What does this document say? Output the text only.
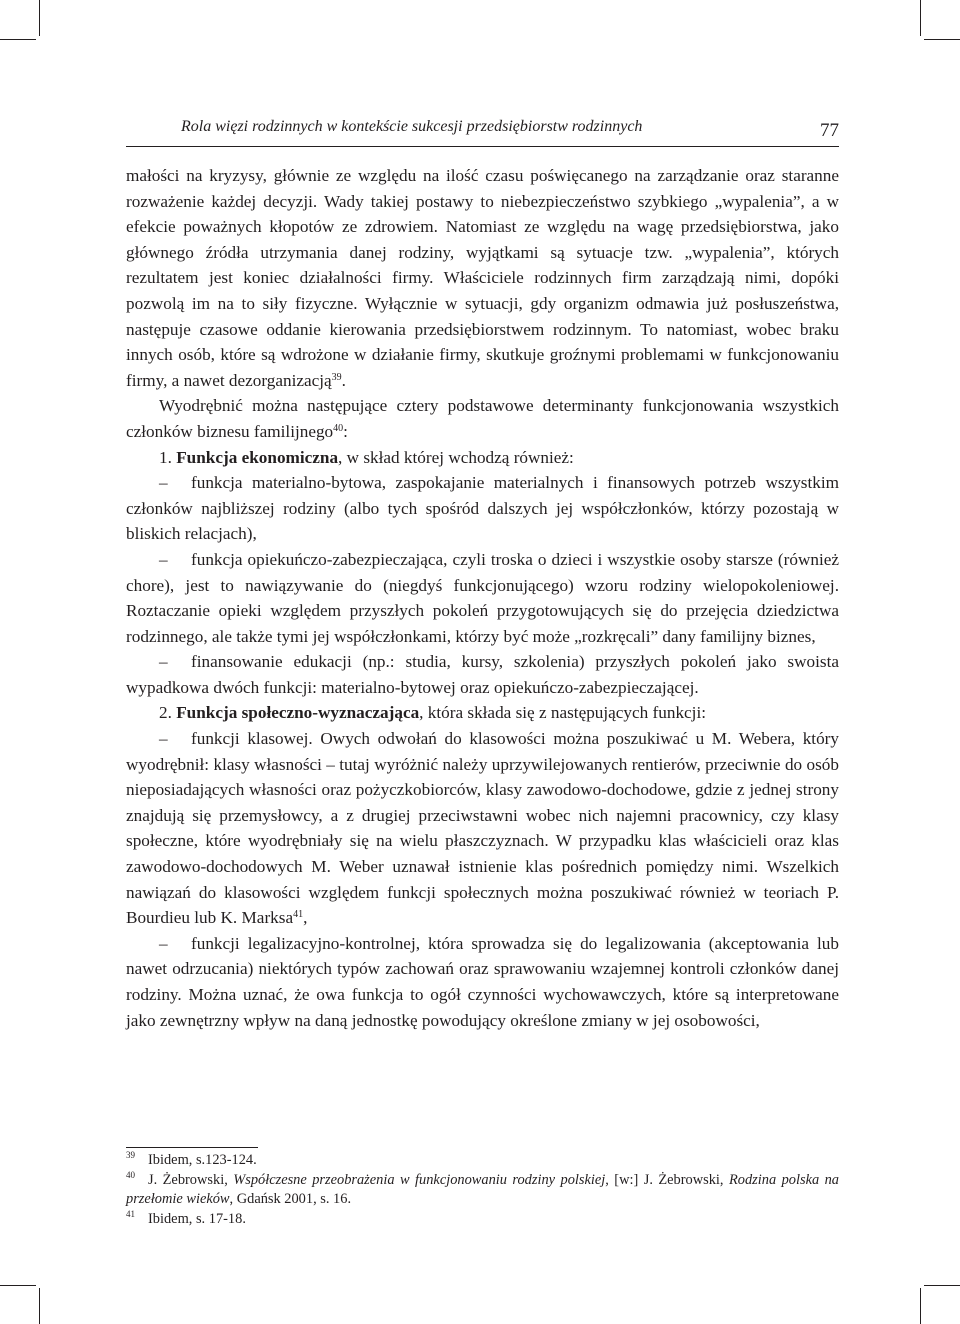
Rola więzi rodzinnych w kontekście sukcesji przedsiębiorstw rodzinnych	77

małości na kryzysy, głównie ze względu na ilość czasu poświęcanego na zarządzanie oraz staranne rozważenie każdej decyzji. Wady takiej postawy to niebezpieczeństwo szybkiego „wypalenia”, a w efekcie poważnych kłopotów ze zdrowiem. Natomiast ze względu na wagę przedsiębiorstwa, jako głównego źródła utrzymania danej rodziny, wyjątkami są sytuacje tzw. „wypalenia”, których rezultatem jest koniec działalności firmy. Właściciele rodzinnych firm zarządzają nimi, dopóki pozwolą im na to siły fizyczne. Wyłącznie w sytuacji, gdy organizm odmawia już posłuszeństwa, następuje czasowe oddanie kierowania przedsiębiorstwem rodzinnym. To natomiast, wobec braku innych osób, które są wdrożone w działanie firmy, skutkuje groźnymi problemami w funkcjonowaniu firmy, a nawet dezorganizacją$^{39}$.

Wyodrębnić można następujące cztery podstawowe determinanty funkcjonowania wszystkich członków biznesu familijnego$^{40}$:

1. Funkcja ekonomiczna, w skład której wchodzą również:

– funkcja materialno-bytowa, zaspokajanie materialnych i finansowych potrzeb wszystkim członków najbliższej rodziny (albo tych spośród dalszych jej współczłonków, którzy pozostają w bliskich relacjach),

– funkcja opiekuńczo-zabezpieczająca, czyli troska o dzieci i wszystkie osoby starsze (również chore), jest to nawiązywanie do (niegdyś funkcjonującego) wzoru rodziny wielopokoleniowej. Roztaczanie opieki względem przyszłych pokoleń przygotowujących się do przejęcia dziedzictwa rodzinnego, ale także tymi jej współczłonkami, którzy być może „rozkręcali” dany familijny biznes,

– finansowanie edukacji (np.: studia, kursy, szkolenia) przyszłych pokoleń jako swoista wypadkowa dwóch funkcji: materialno-bytowej oraz opiekuńczo-zabezpieczającej.

2. Funkcja społeczno-wyznaczająca, która składa się z następujących funkcji:

– funkcji klasowej. Owych odwołań do klasowości można poszukiwać u M. Webera, który wyodrębnił: klasy własności – tutaj wyróżnić należy uprzywilejowanych rentierów, przeciwnie do osób nieposiadających własności oraz pożyczkobiorców, klasy zawodowo-dochodowe, gdzie z jednej strony znajdują się przemysłowcy, a z drugiej przeciwstawni wobec nich najemni pracownicy, czy klasy społeczne, które wyodrębniały się na wielu płaszczyznach. W przypadku klas właścicieli oraz klas zawodowo-dochodowych M. Weber uznawał istnienie klas pośrednich pomiędzy nimi. Wszelkich nawiązań do klasowości względem funkcji społecznych można poszukiwać również w teoriach P. Bourdieu lub K. Marksa$^{41}$,

– funkcji legalizacyjno-kontrolnej, która sprowadza się do legalizowania (akceptowania lub nawet odrzucania) niektórych typów zachowań oraz sprawowaniu wzajemnej kontroli członków danej rodziny. Można uznać, że owa funkcja to ogół czynności wychowawczych, które są interpretowane jako zewnętrzny wpływ na daną jednostkę powodujący określone zmiany w jej osobowości,

$^{39}$ Ibidem, s.123-124.

$^{40}$ J. Żebrowski, Współczesne przeobrażenia w funkcjonowaniu rodziny polskiej, [w:] J. Żebrowski, Rodzina polska na przełomie wieków, Gdańsk 2001, s. 16.

$^{41}$ Ibidem, s. 17-18.
